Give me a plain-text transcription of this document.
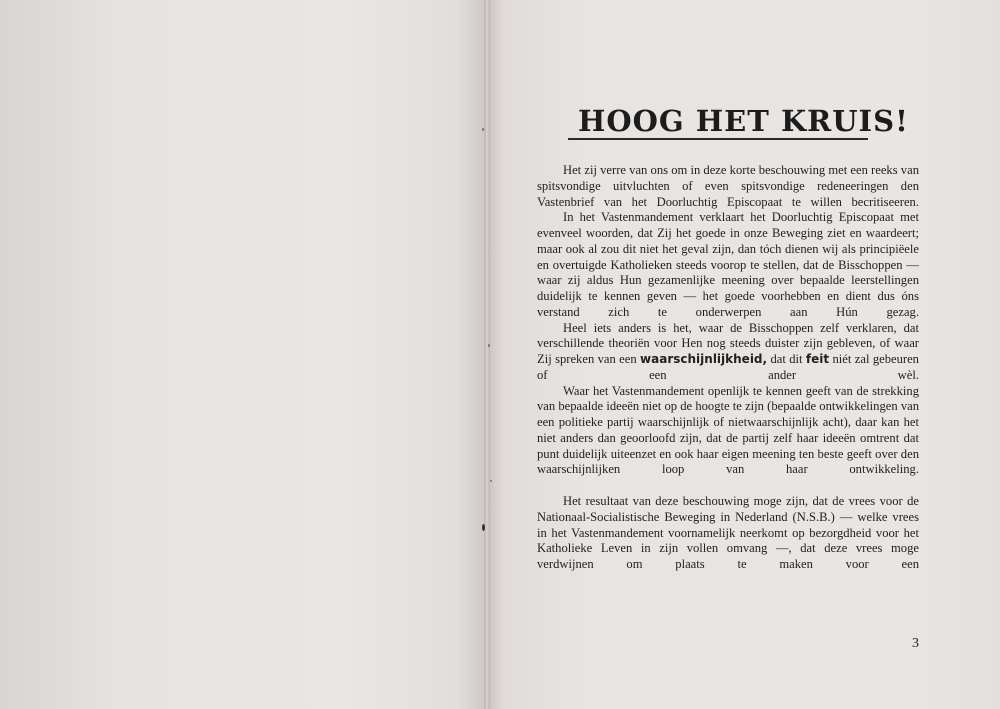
HOOG HET KRUIS!

Het zij verre van ons om in deze korte beschouwing met een reeks van spitsvondige uitvluchten of even spitsvondige redeneeringen den Vastenbrief van het Doorluchtig Episcopaat te willen becritiseeren.

In het Vastenmandement verklaart het Doorluchtig Episcopaat met evenveel woorden, dat Zij het goede in onze Beweging ziet en waardeert; maar ook al zou dit niet het geval zijn, dan tóch dienen wij als principiëele en overtuigde Katholieken steeds voorop te stellen, dat de Bisschoppen — waar zij aldus Hun gezamenlijke meening over bepaalde leerstellingen duidelijk te kennen geven — het goede voorhebben en dient dus óns verstand zich te onderwerpen aan Hún gezag.

Heel iets anders is het, waar de Bisschoppen zelf verklaren, dat verschillende theoriën voor Hen nog steeds duister zijn gebleven, of waar Zij spreken van een waarschijnlijkheid, dat dit feit niét zal gebeuren of een ander wèl.

Waar het Vastenmandement openlijk te kennen geeft van de strekking van bepaalde ideeën niet op de hoogte te zijn (bepaalde ontwikkelingen van een politieke partij waarschijnlijk of nietwaarschijnlijk acht), daar kan het niet anders dan geoorloofd zijn, dat de partij zelf haar ideeën omtrent dat punt duidelijk uiteenzet en ook haar eigen meening ten beste geeft over den waarschijnlijken loop van haar ontwikkeling.

Het resultaat van deze beschouwing moge zijn, dat de vrees voor de Nationaal-Socialistische Beweging in Nederland (N.S.B.) — welke vrees in het Vastenmandement voornamelijk neerkomt op bezorgdheid voor het Katholieke Leven in zijn vollen omvang —, dat deze vrees moge verdwijnen om plaats te maken voor een

3
